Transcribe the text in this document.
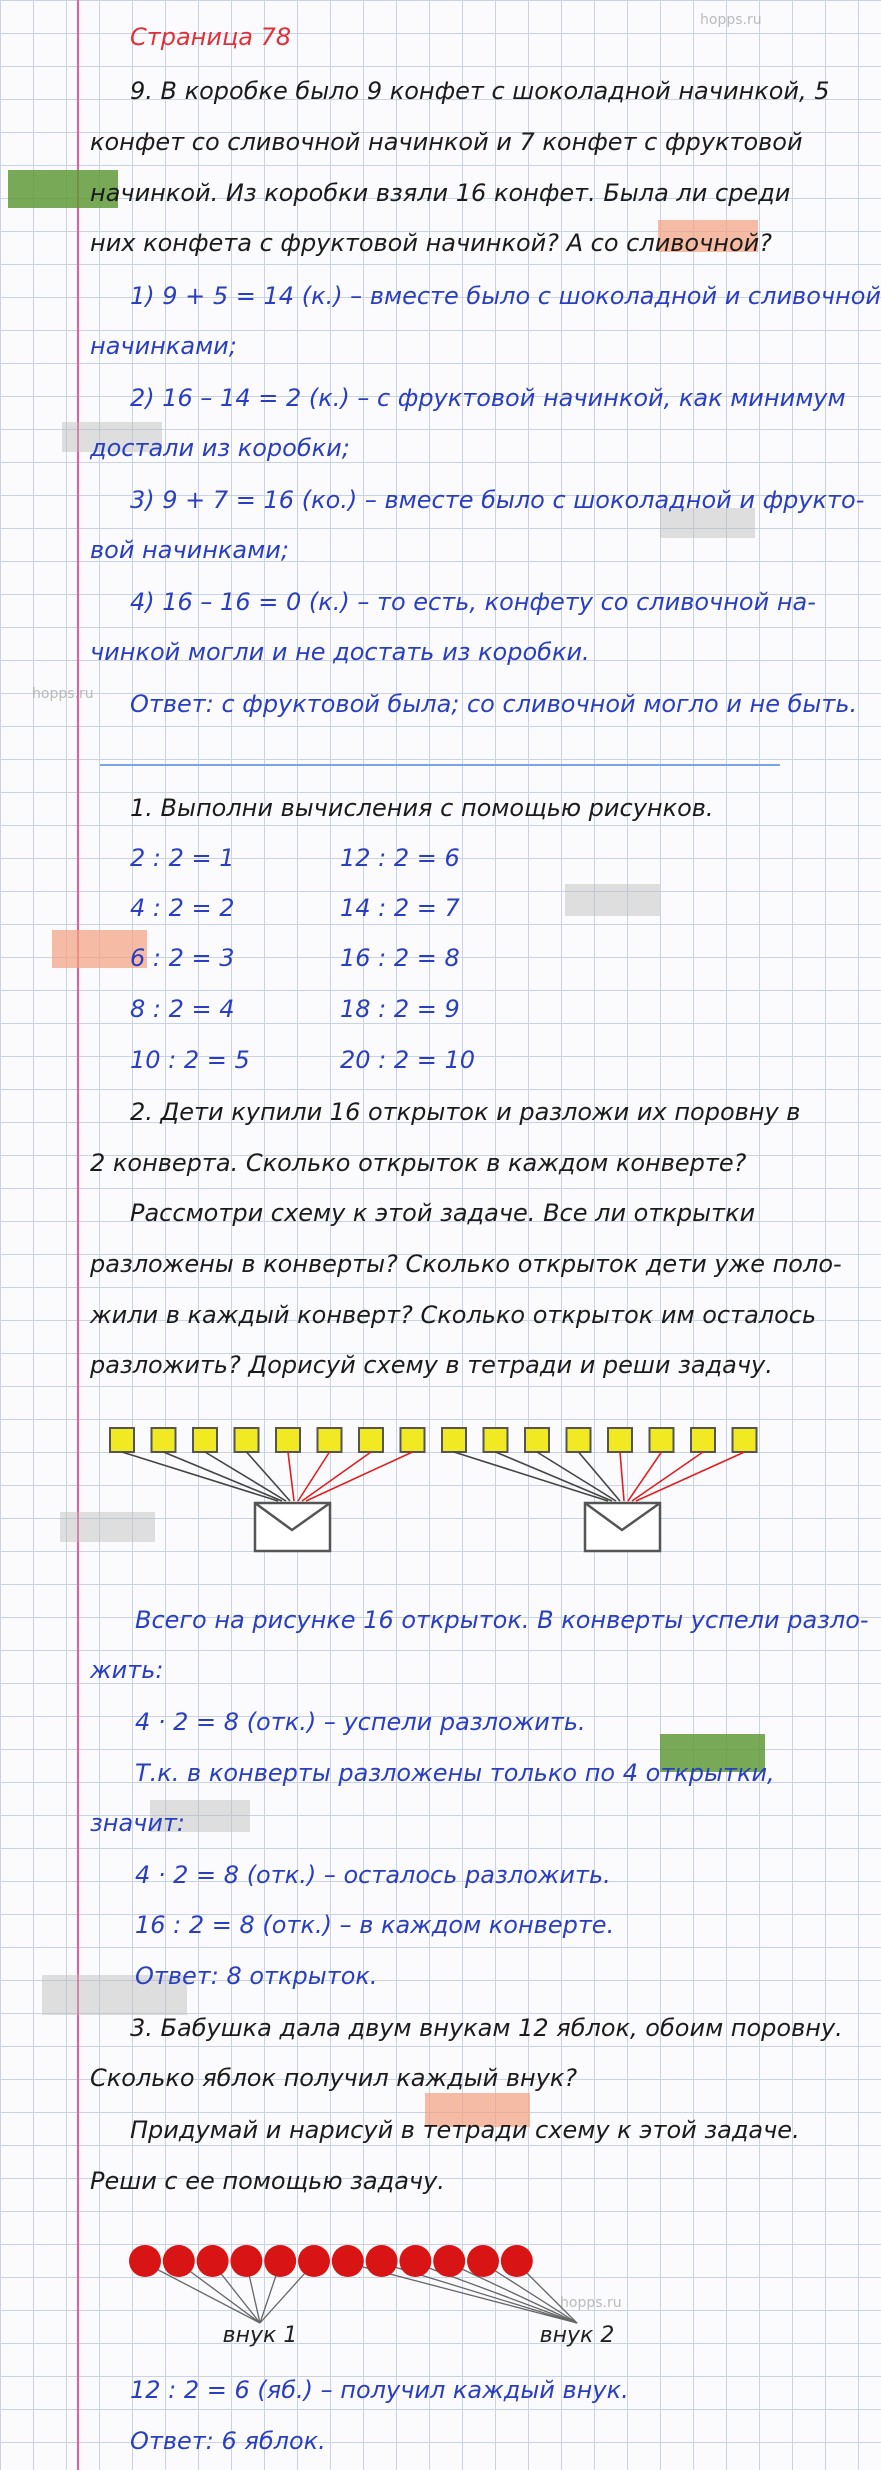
hopps.ru
hopps.ru
hopps.ru
Страница 78
9. В коробке было 9 конфет с шоколадной начинкой, 5
конфет со сливочной начинкой и 7 конфет с фруктовой
начинкой. Из коробки взяли 16 конфет. Была ли среди
них конфета с фруктовой начинкой? А со сливочной?
1) 9 + 5 = 14 (к.) – вместе было с шоколадной и сливочной
начинками;
2) 16 – 14 = 2 (к.) – с фруктовой начинкой, как минимум
достали из коробки;
3) 9 + 7 = 16 (ко.) – вместе было с шоколадной и фрукто-
вой начинками;
4) 16 – 16 = 0 (к.) – то есть, конфету со сливочной на-
чинкой могли и не достать из коробки.
Ответ: с фруктовой была; со сливочной могло и не быть.
1. Выполни вычисления с помощью рисунков.
2 : 2 = 1
4 : 2 = 2
6 : 2 = 3
8 : 2 = 4
10 : 2 = 5
12 : 2 = 6
14 : 2 = 7
16 : 2 = 8
18 : 2 = 9
20 : 2 = 10
2. Дети купили 16 открыток и разложи их поровну в
2 конверта. Сколько открыток в каждом конверте?
Рассмотри схему к этой задаче. Все ли открытки
разложены в конверты? Сколько открыток дети уже поло-
жили в каждый конверт? Сколько открыток им осталось
разложить? Дорисуй схему в тетради и реши задачу.
Всего на рисунке 16 открыток. В конверты успели разло-
жить:
4 · 2 = 8 (отк.) – успели разложить.
Т.к. в конверты разложены только по 4 открытки,
значит:
4 · 2 = 8 (отк.) – осталось разложить.
16 : 2 = 8 (отк.) – в каждом конверте.
Ответ: 8 открыток.
3. Бабушка дала двум внукам 12 яблок, обоим поровну.
Сколько яблок получил каждый внук?
Придумай и нарисуй в тетради схему к этой задаче.
Реши с ее помощью задачу.
внук 1	внук 2
12 : 2 = 6 (яб.) – получил каждый внук.
Ответ: 6 яблок.
